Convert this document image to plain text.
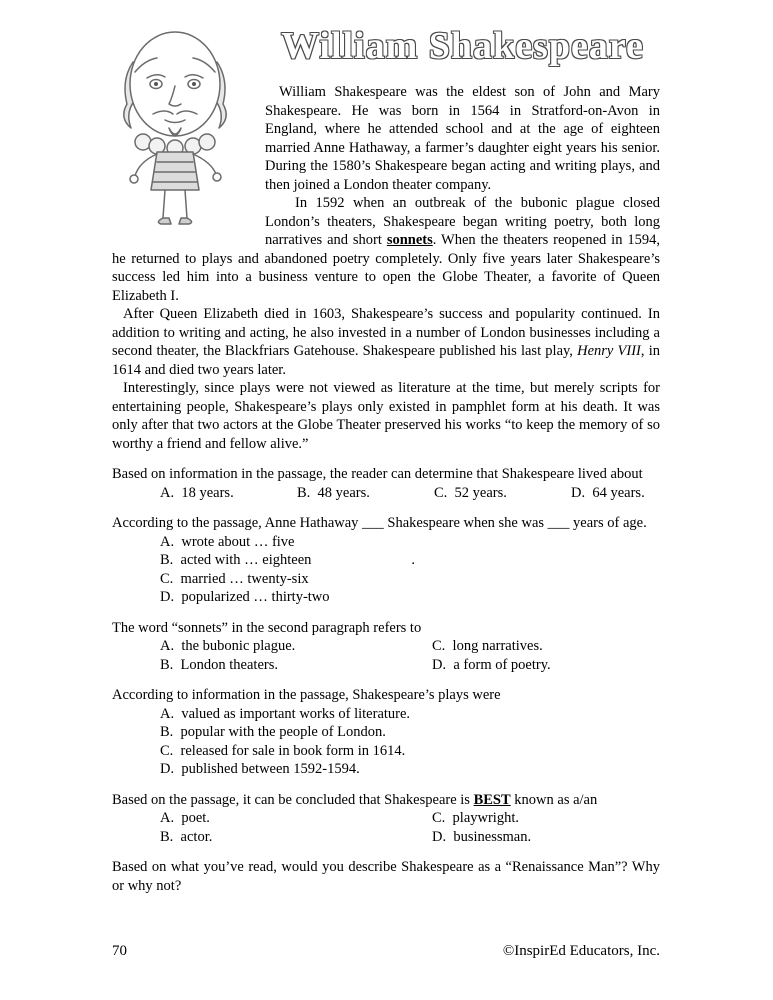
William Shakespeare

William Shakespeare was the eldest son of John and Mary Shakespeare. He was born in 1564 in Stratford-on-Avon in England, where he attended school and at the age of eighteen married Anne Hathaway, a farmer’s daughter eight years his senior. During the 1580’s Shakespeare began acting and writing plays, and then joined a London theater company.

In 1592 when an outbreak of the bubonic plague closed London’s theaters, Shakespeare began writing poetry, both long narratives and short sonnets. When the theaters reopened in 1594, he returned to plays and abandoned poetry completely. Only five years later Shakespeare’s success led him into a business venture to open the Globe Theater, a favorite of Queen Elizabeth I.

After Queen Elizabeth died in 1603, Shakespeare’s success and popularity continued. In addition to writing and acting, he also invested in a number of London businesses including a second theater, the Blackfriars Gatehouse. Shakespeare published his last play, Henry VIII, in 1614 and died two years later.

Interestingly, since plays were not viewed as literature at the time, but merely scripts for entertaining people, Shakespeare’s plays only existed in pamphlet form at his death. It was only after that two actors at the Globe Theater preserved his works “to keep the memory of so worthy a friend and fellow alive.”

Based on information in the passage, the reader can determine that Shakespeare lived about
A.  18 years.	B.  48 years.	C.  52 years.	D.  64 years.
According to the passage, Anne Hathaway ___ Shakespeare when she was ___ years of age.
A.  wrote about … five
B.  acted with … eighteen	.
C.  married … twenty-six
D.  popularized … thirty-two
The word “sonnets” in the second paragraph refers to
A.  the bubonic plague.	C.  long narratives.
B.  London theaters.	D.  a form of poetry.
According to information in the passage, Shakespeare’s plays were
A.  valued as important works of literature.
B.  popular with the people of London.
C.  released for sale in book form in 1614.
D.  published between 1592-1594.
Based on the passage, it can be concluded that Shakespeare is BEST known as a/an
A.  poet.	C.  playwright.
B.  actor.	D.  businessman.
Based on what you’ve read, would you describe Shakespeare as a “Renaissance Man”? Why or why not?
70	©InspirEd Educators, Inc.
